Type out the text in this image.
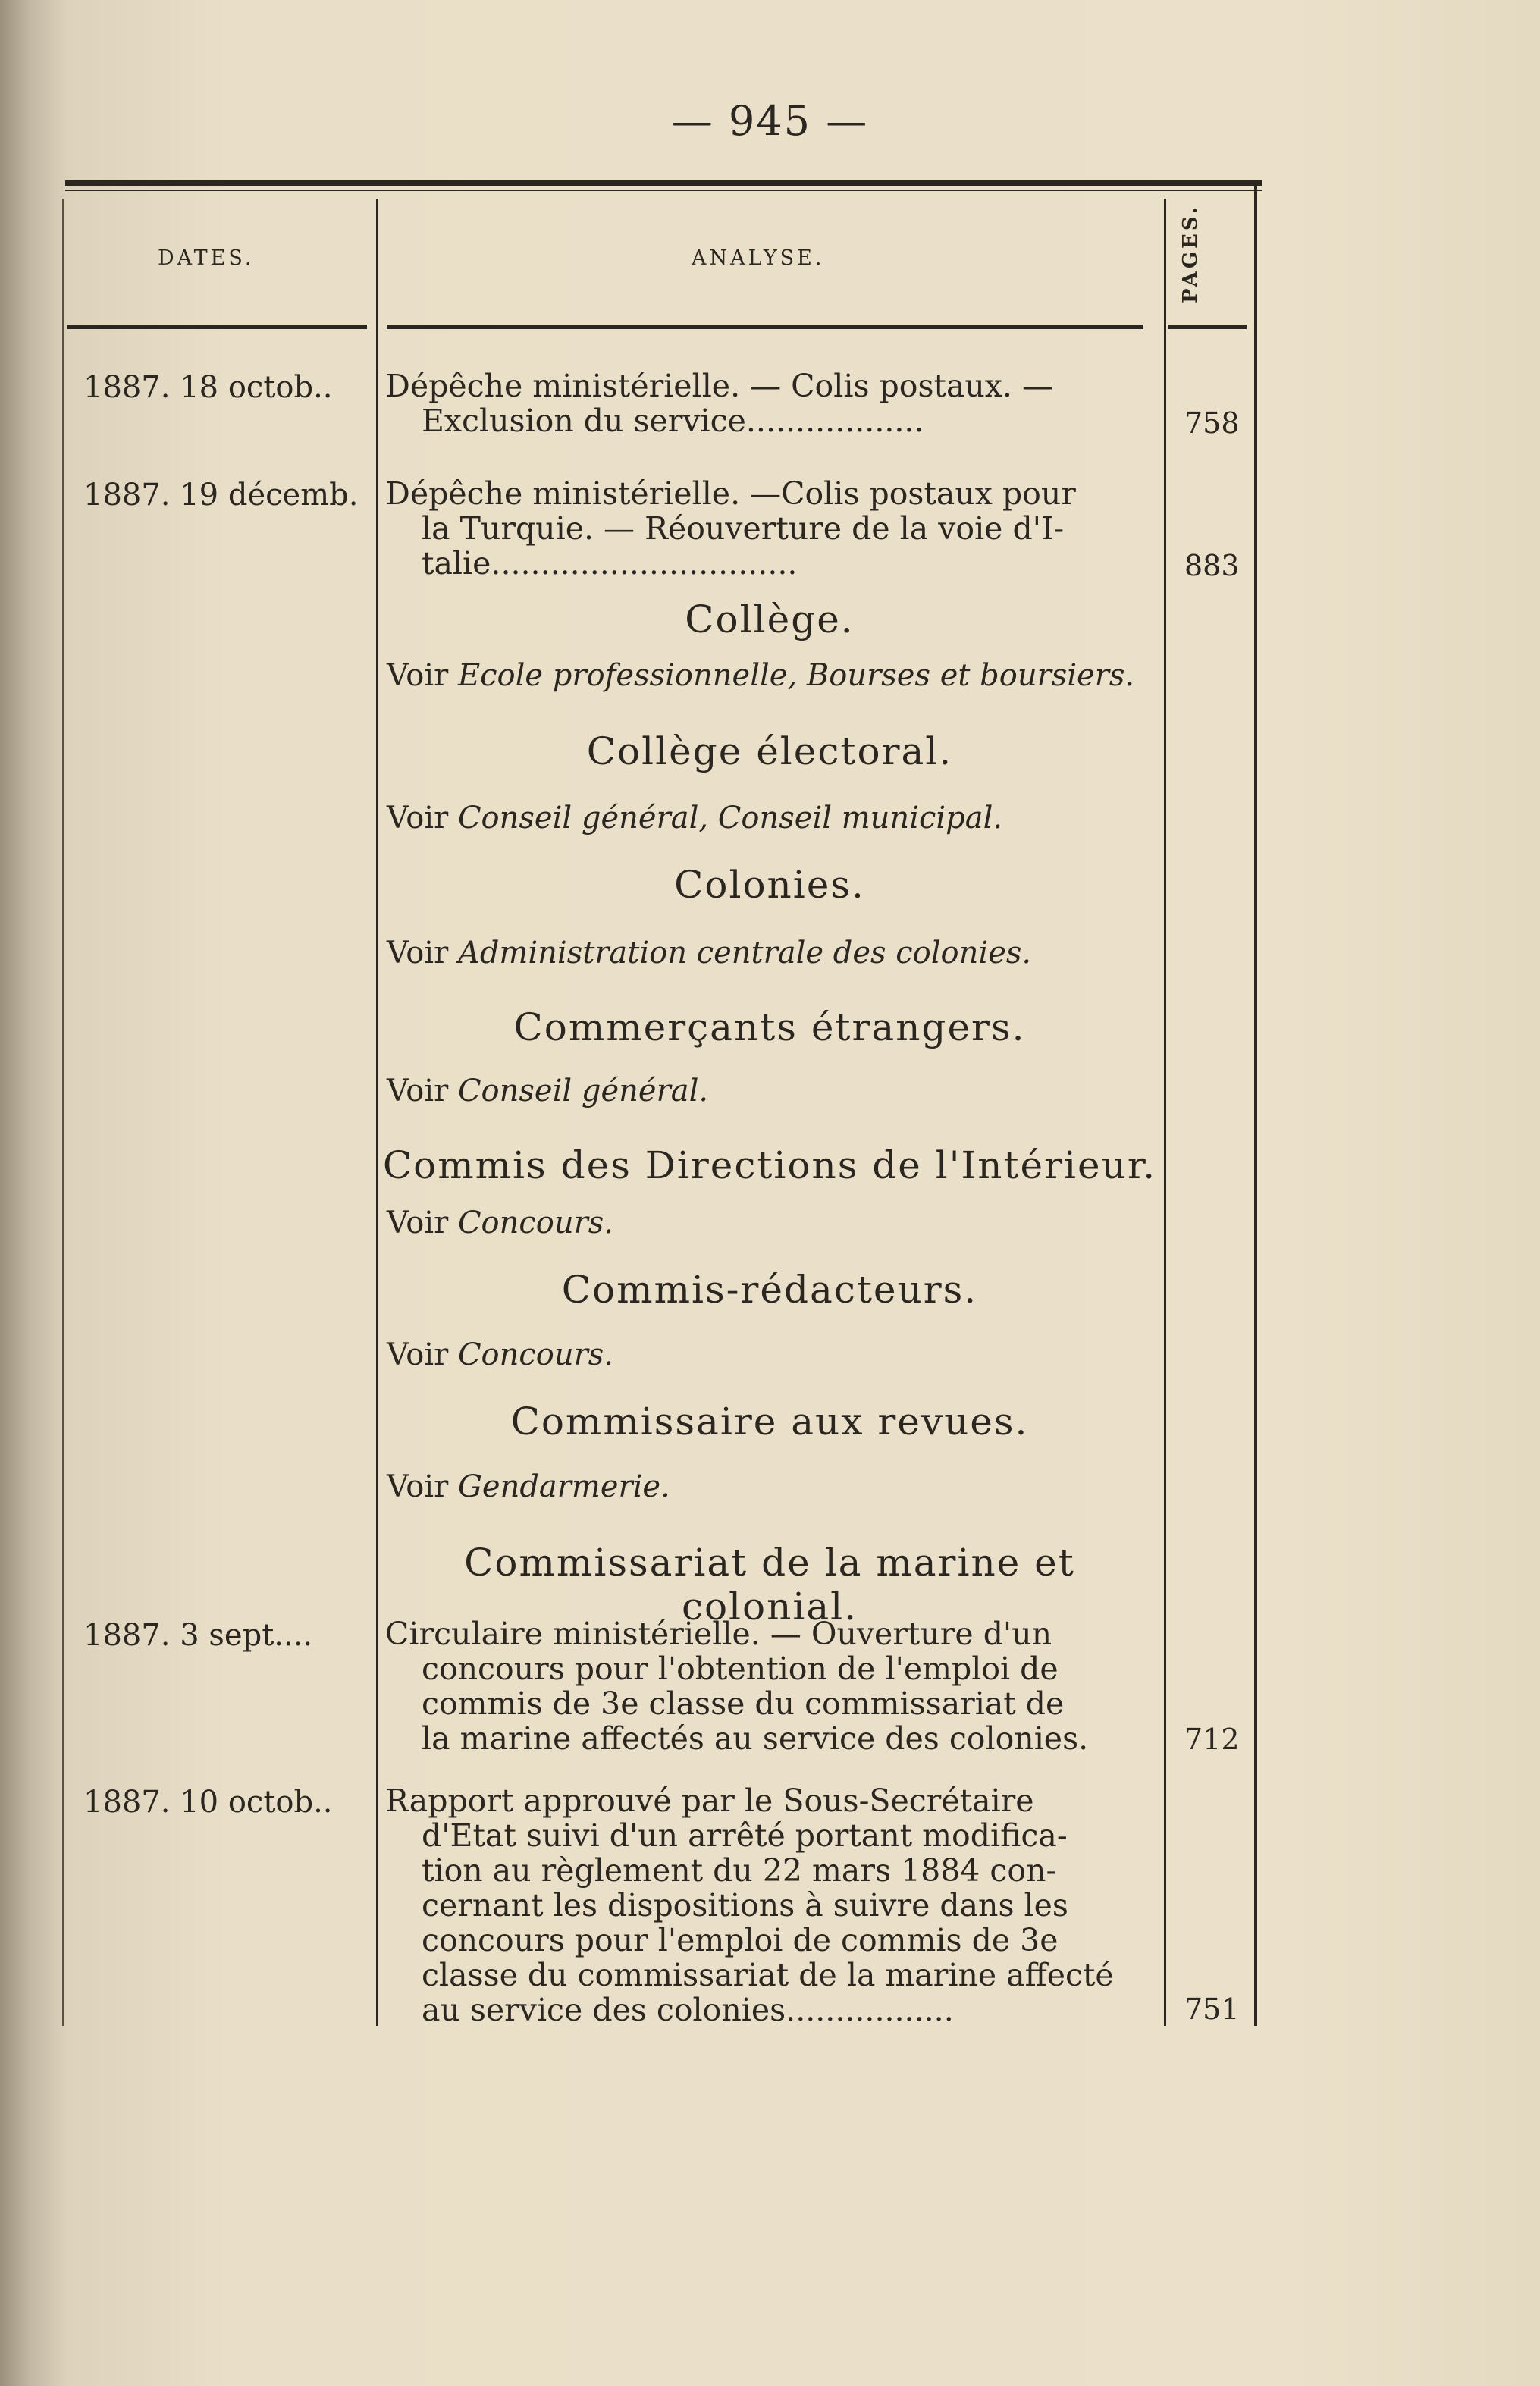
— 945 —
DATES.	ANALYSE.	PAGES.
1887. 18 octob.. Dépêche ministérielle. — Colis postaux. —
Exclusion du service..................	758
1887. 19 décemb. Dépêche ministérielle. —Colis postaux pour
la Turquie. — Réouverture de la voie d'I-
talie...............................	883
Collège.
Voir Ecole professionnelle, Bourses et boursiers.
Collège électoral.
Voir Conseil général, Conseil municipal.
Colonies.
Voir Administration centrale des colonies.
Commerçants étrangers.
Voir Conseil général.
Commis des Directions de l'Intérieur.
Voir Concours.
Commis-rédacteurs.
Voir Concours.
Commissaire aux revues.
Voir Gendarmerie.
Commissariat de la marine et colonial.
1887. 3 sept.... Circulaire ministérielle. — Ouverture d'un
concours pour l'obtention de l'emploi de
commis de 3e classe du commissariat de
la marine affectés au service des colonies.	712
1887. 10 octob.. Rapport approuvé par le Sous-Secrétaire
d'Etat suivi d'un arrêté portant modifica-
tion au règlement du 22 mars 1884 con-
cernant les dispositions à suivre dans les
concours pour l'emploi de commis de 3e
classe du commissariat de la marine affecté
au service des colonies.................	751
